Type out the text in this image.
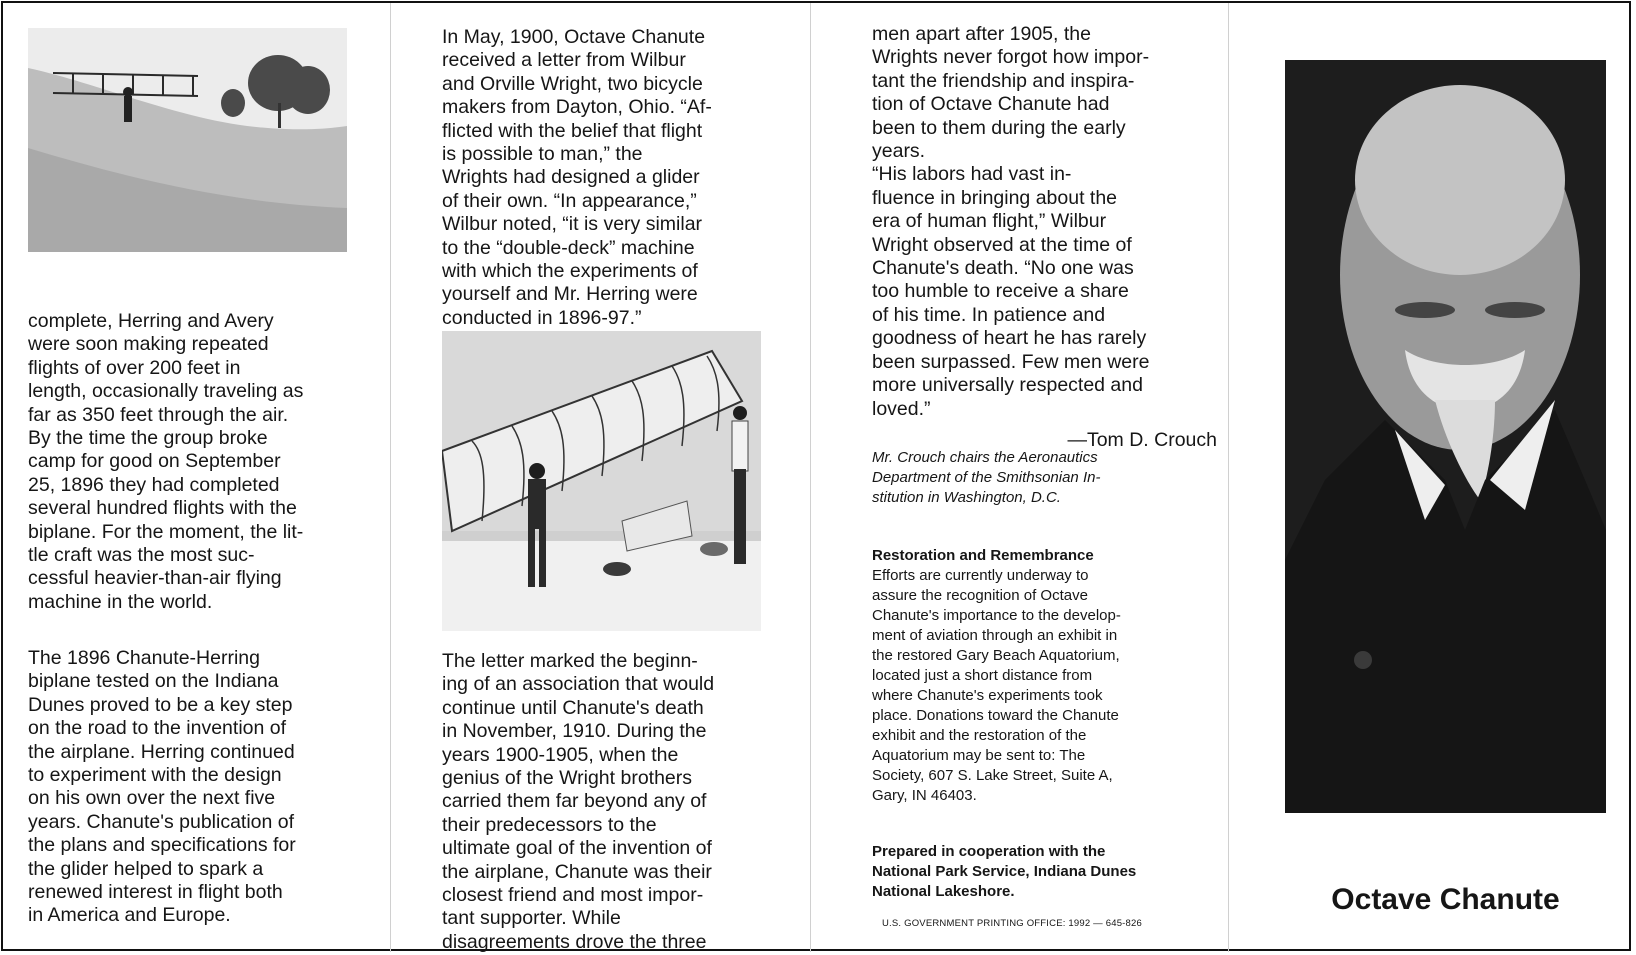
complete, Herring and Avery
were soon making repeated
flights of over 200 feet in
length, occasionally traveling as
far as 350 feet through the air.
By the time the group broke
camp for good on September
25, 1896 they had completed
several hundred flights with the
biplane. For the moment, the lit-
tle craft was the most suc-
cessful heavier-than-air flying
machine in the world.

The 1896 Chanute-Herring
biplane tested on the Indiana
Dunes proved to be a key step
on the road to the invention of
the airplane. Herring continued
to experiment with the design
on his own over the next five
years. Chanute's publication of
the plans and specifications for
the glider helped to spark a
renewed interest in flight both
in America and Europe.

In May, 1900, Octave Chanute
received a letter from Wilbur
and Orville Wright, two bicycle
makers from Dayton, Ohio. “Af-
flicted with the belief that flight
is possible to man,” the
Wrights had designed a glider
of their own. “In appearance,”
Wilbur noted, “it is very similar
to the “double-deck” machine
with which the experiments of
yourself and Mr. Herring were
conducted in 1896-97.”

The letter marked the beginn-
ing of an association that would
continue until Chanute's death
in November, 1910. During the
years 1900-1905, when the
genius of the Wright brothers
carried them far beyond any of
their predecessors to the
ultimate goal of the invention of
the airplane, Chanute was their
closest friend and most impor-
tant supporter. While
disagreements drove the three

men apart after 1905, the
Wrights never forgot how impor-
tant the friendship and inspira-
tion of Octave Chanute had
been to them during the early
years.
“His labors had vast in-
fluence in bringing about the
era of human flight,” Wilbur
Wright observed at the time of
Chanute's death. “No one was
too humble to receive a share
of his time. In patience and
goodness of heart he has rarely
been surpassed. Few men were
more universally respected and
loved.”

—Tom D. Crouch

Mr. Crouch chairs the Aeronautics
Department of the Smithsonian In-
stitution in Washington, D.C.

Restoration and Remembrance

Efforts are currently underway to
assure the recognition of Octave
Chanute's importance to the develop-
ment of aviation through an exhibit in
the restored Gary Beach Aquatorium,
located just a short distance from
where Chanute's experiments took
place. Donations toward the Chanute
exhibit and the restoration of the
Aquatorium may be sent to: The
Society, 607 S. Lake Street, Suite A,
Gary, IN 46403.

Prepared in cooperation with the
National Park Service, Indiana Dunes
National Lakeshore.

U.S. GOVERNMENT PRINTING OFFICE: 1992 — 645-826

Octave Chanute
